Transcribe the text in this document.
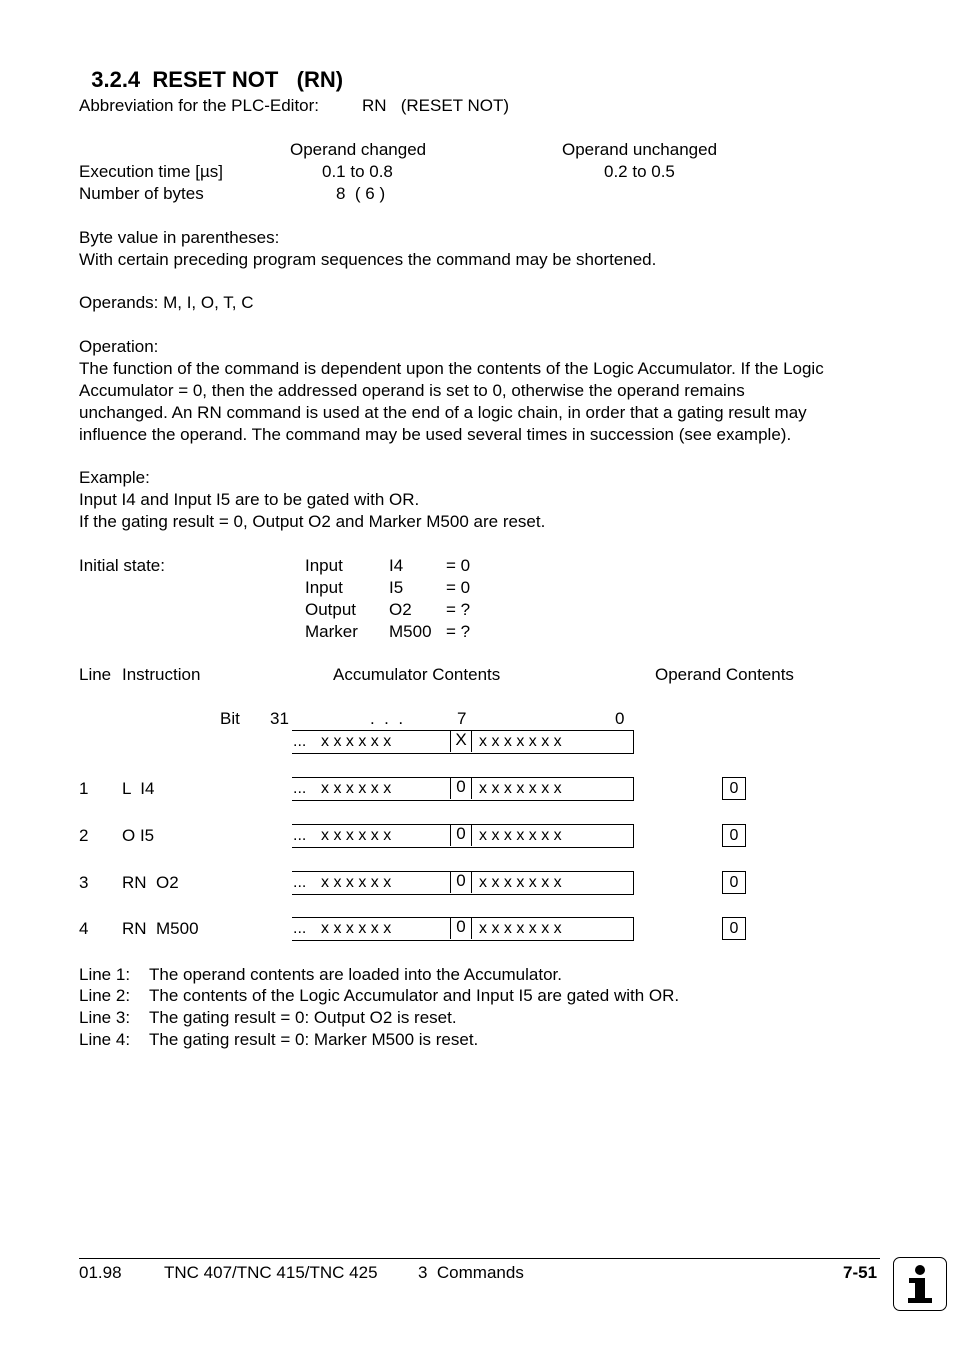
3.2.4 RESET NOT (RN)

Abbreviation for the PLC-Editor:	RN   (RESET NOT)
Operand changed	Operand unchanged
Execution time [µs]	0.1 to 0.8	0.2 to 0.5
Number of bytes	8  ( 6 )
Byte value in parentheses:
With certain preceding program sequences the command may be shortened.
Operands: M, I, O, T, C
Operation:
The function of the command is dependent upon the contents of the Logic Accumulator. If the Logic
Accumulator = 0, then the addressed operand is set to 0, otherwise the operand remains
unchanged. An RN command is used at the end of a logic chain, in order that a gating result may
influence the operand. The command may be used several times in succession (see example).
Example:
Input I4 and Input I5 are to be gated with OR.
If the gating result = 0, Output O2 and Marker M500 are reset.
Initial state:	Input	I4	= 0
Input	I5	= 0
Output O2 = ?
Marker M500 = ?
Line Instruction	Accumulator Contents	Operand Contents
Bit 31	.  .  .	7	0
... x x x x x x	X x x x x x x x
1 L  I4	... x x x x x x	0 x x x x x x x	0
2 O I5	... x x x x x x	0 x x x x x x x	0
3 RN  O2	... x x x x x x	0 x x x x x x x	0
4 RN  M500	... x x x x x x	0 x x x x x x x	0
Line 1: The operand contents are loaded into the Accumulator.
Line 2: The contents of the Logic Accumulator and Input I5 are gated with OR.
Line 3: The gating result = 0: Output O2 is reset.
Line 4: The gating result = 0: Marker M500 is reset.
01.98 TNC 407/TNC 415/TNC 425 3  Commands	7-51
